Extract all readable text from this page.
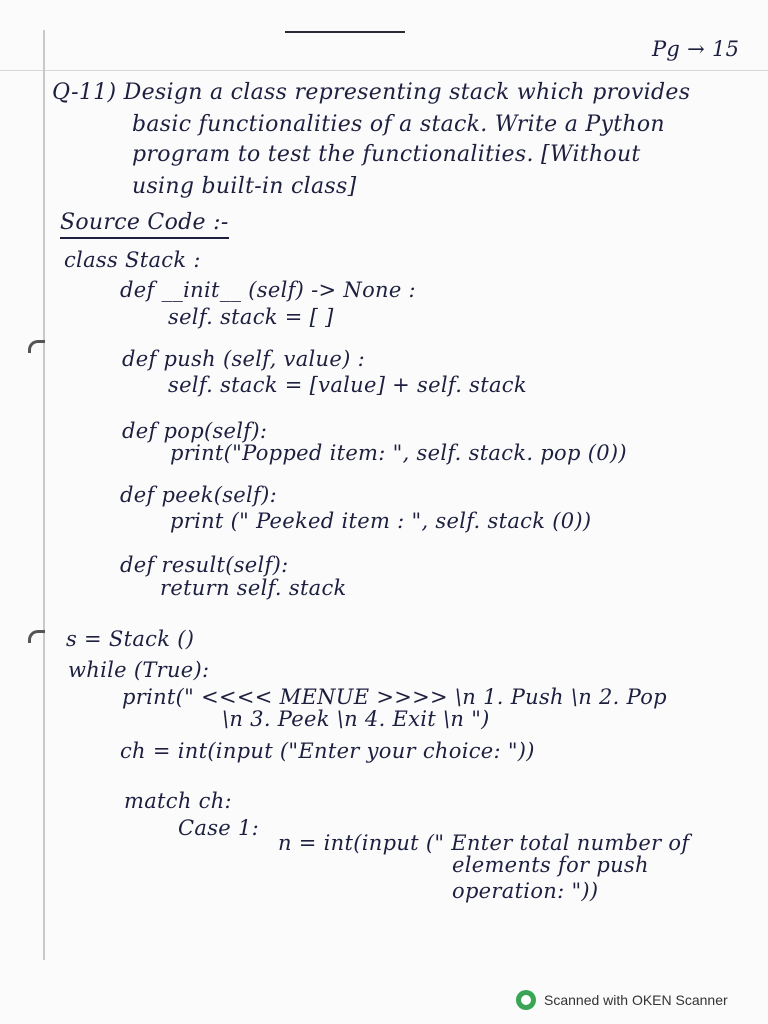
Pg → 15
Q-11) Design a class representing stack which provides
basic functionalities of a stack. Write a Python
program to test the functionalities. [Without
using built-in class]
Source Code :-
class Stack :
def __init__ (self) -> None :
self. stack = [ ]
def push (self, value) :
self. stack = [value] + self. stack
def pop(self):
print("Popped item: ", self. stack. pop (0))
def peek(self):
print (" Peeked item : ", self. stack (0))
def result(self):
return self. stack
s = Stack ()
while (True):
print(" <<<< MENUE >>>> \n 1. Push \n 2. Pop
\n 3. Peek \n 4. Exit \n ")
ch = int(input ("Enter your choice: "))
match ch:
Case 1:
n = int(input (" Enter total number of
elements for push
operation: "))
Scanned with OKEN Scanner
